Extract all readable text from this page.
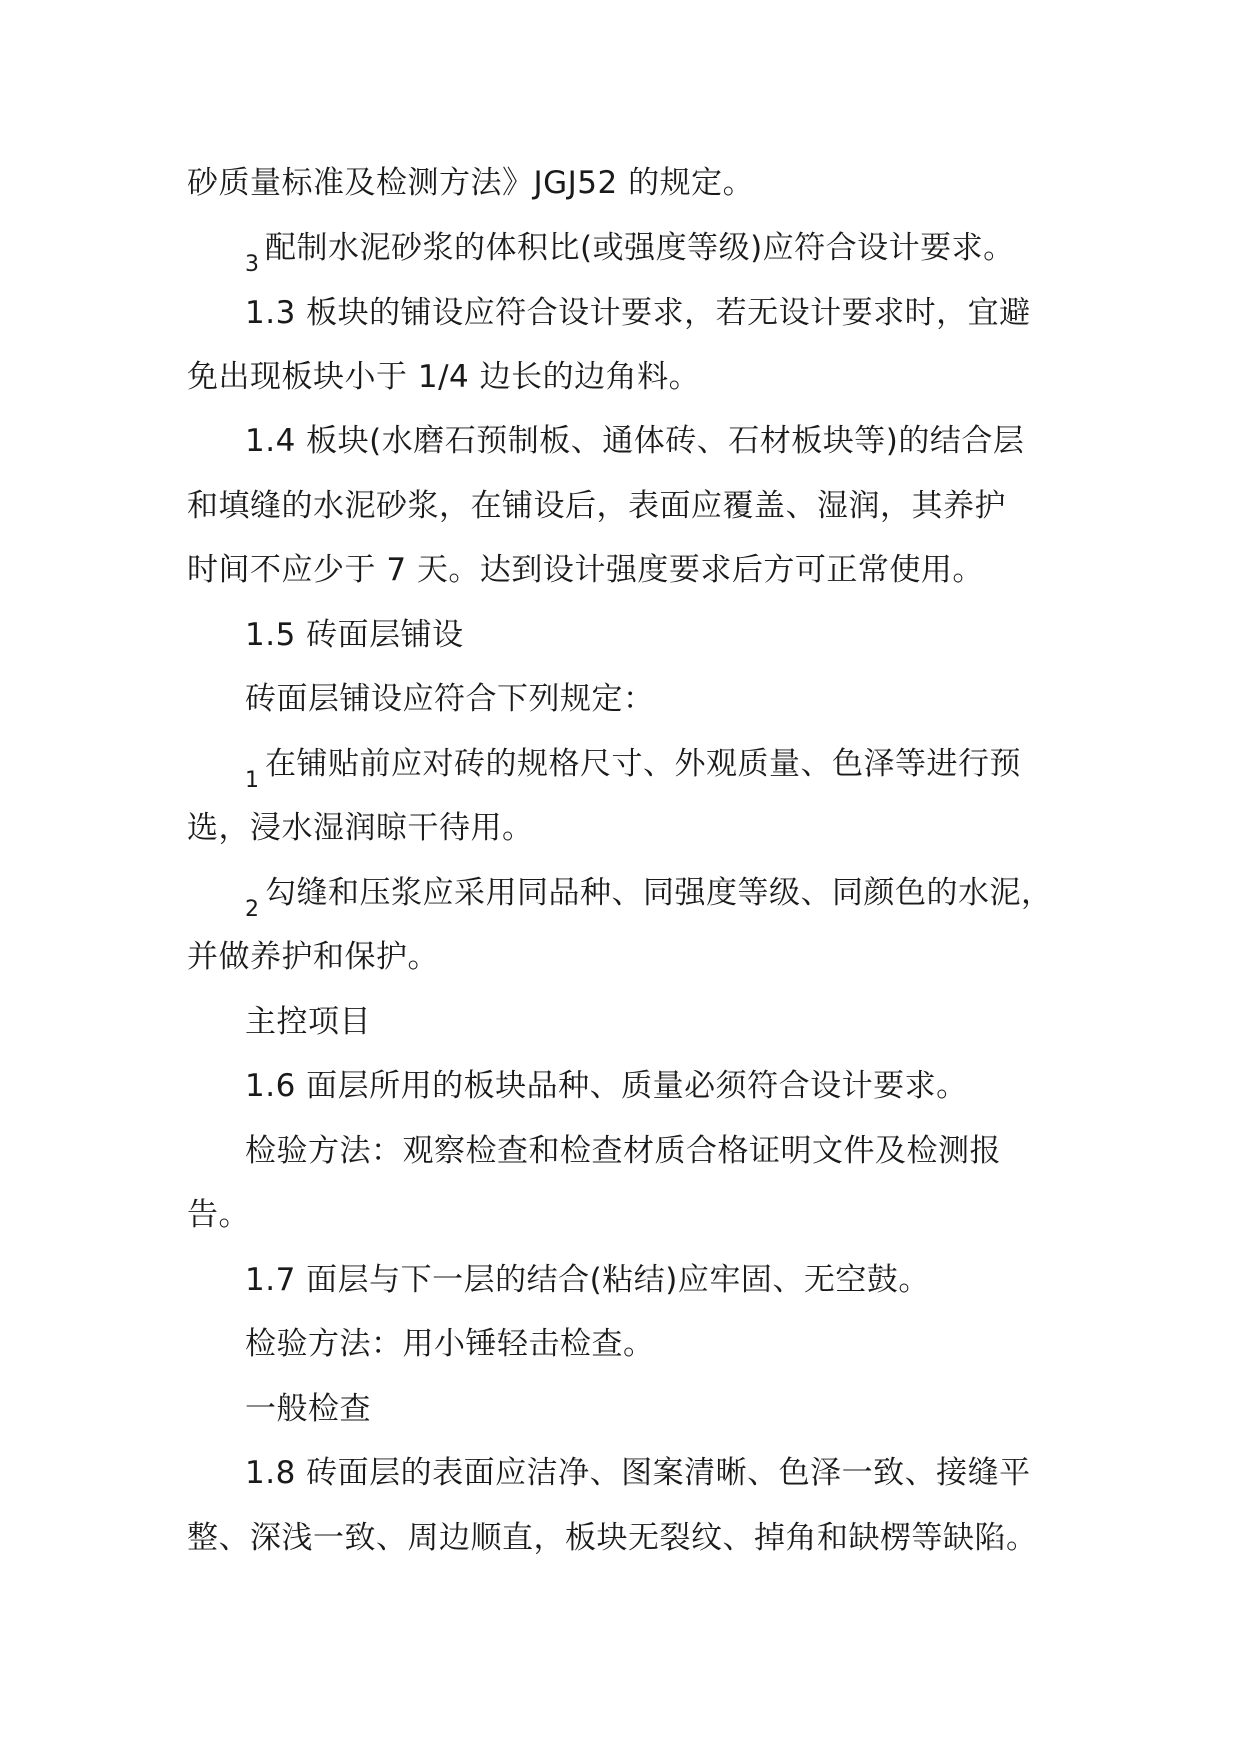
砂质量标准及检测方法》JGJ52 的规定。
3 配制水泥砂浆的体积比(或强度等级)应符合设计要求。
1.3 板块的铺设应符合设计要求，若无设计要求时，宜避
免出现板块小于 1/4 边长的边角料。
1.4 板块(水磨石预制板、通体砖、石材板块等)的结合层
和填缝的水泥砂浆，在铺设后，表面应覆盖、湿润，其养护
时间不应少于 7 天。达到设计强度要求后方可正常使用。
1.5 砖面层铺设
砖面层铺设应符合下列规定：
1 在铺贴前应对砖的规格尺寸、外观质量、色泽等进行预
选，浸水湿润晾干待用。
2 勾缝和压浆应采用同品种、同强度等级、同颜色的水泥，
并做养护和保护。
主控项目
1.6 面层所用的板块品种、质量必须符合设计要求。
检验方法：观察检查和检查材质合格证明文件及检测报
告。
1.7 面层与下一层的结合(粘结)应牢固、无空鼓。
检验方法：用小锤轻击检查。
一般检查
1.8 砖面层的表面应洁净、图案清晰、色泽一致、接缝平
整、深浅一致、周边顺直，板块无裂纹、掉角和缺楞等缺陷。
